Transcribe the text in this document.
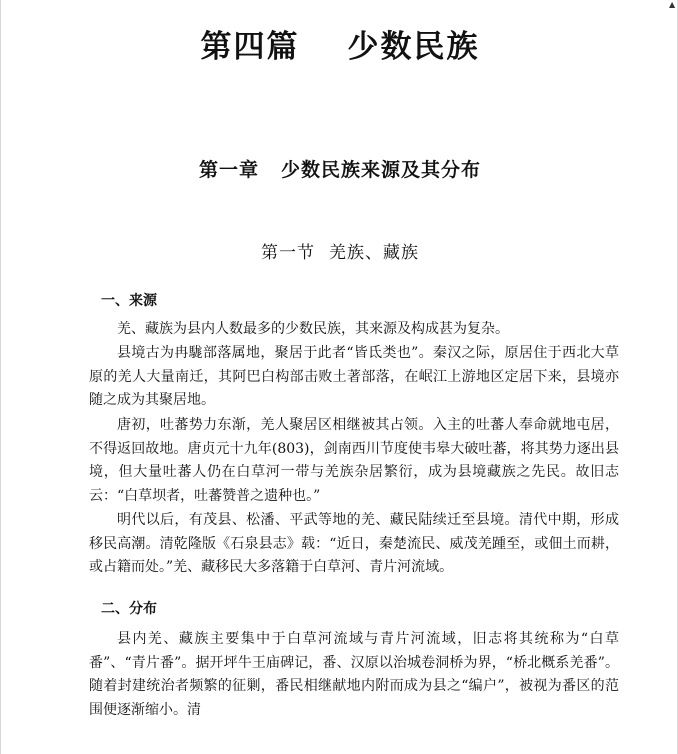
▲
第四篇 少数民族
第一章 少数民族来源及其分布
第一节 羌族、藏族
一、来源

羌、藏族为县内人数最多的少数民族，其来源及构成甚为复杂。

县境古为冉駹部落属地，聚居于此者“皆氐类也”。秦汉之际，原居住于西北大草原的羌人大量南迁，其阿巴白构部击败土著部落，在岷江上游地区定居下来，县境亦随之成为其聚居地。

唐初，吐蕃势力东渐，羌人聚居区相继被其占领。入主的吐蕃人奉命就地屯居，不得返回故地。唐贞元十九年(803)，剑南西川节度使韦皋大破吐蕃，将其势力逐出县境，但大量吐蕃人仍在白草河一带与羌族杂居繁衍，成为县境藏族之先民。故旧志云：“白草坝者，吐蕃赞普之遗种也。”

明代以后，有茂县、松潘、平武等地的羌、藏民陆续迁至县境。清代中期，形成移民高潮。清乾隆版《石泉县志》载：“近日，秦楚流民、威茂羌踵至，或佃土而耕，或占籍而处。”羌、藏移民大多落籍于白草河、青片河流域。

二、分布

县内羌、藏族主要集中于白草河流域与青片河流域，旧志将其统称为“白草番”、“青片番”。据开坪牛王庙碑记，番、汉原以治城卷洞桥为界，“桥北概系羌番”。随着封建统治者频繁的征剿，番民相继献地内附而成为县之“编户”，被视为番区的范围便逐渐缩小。清
